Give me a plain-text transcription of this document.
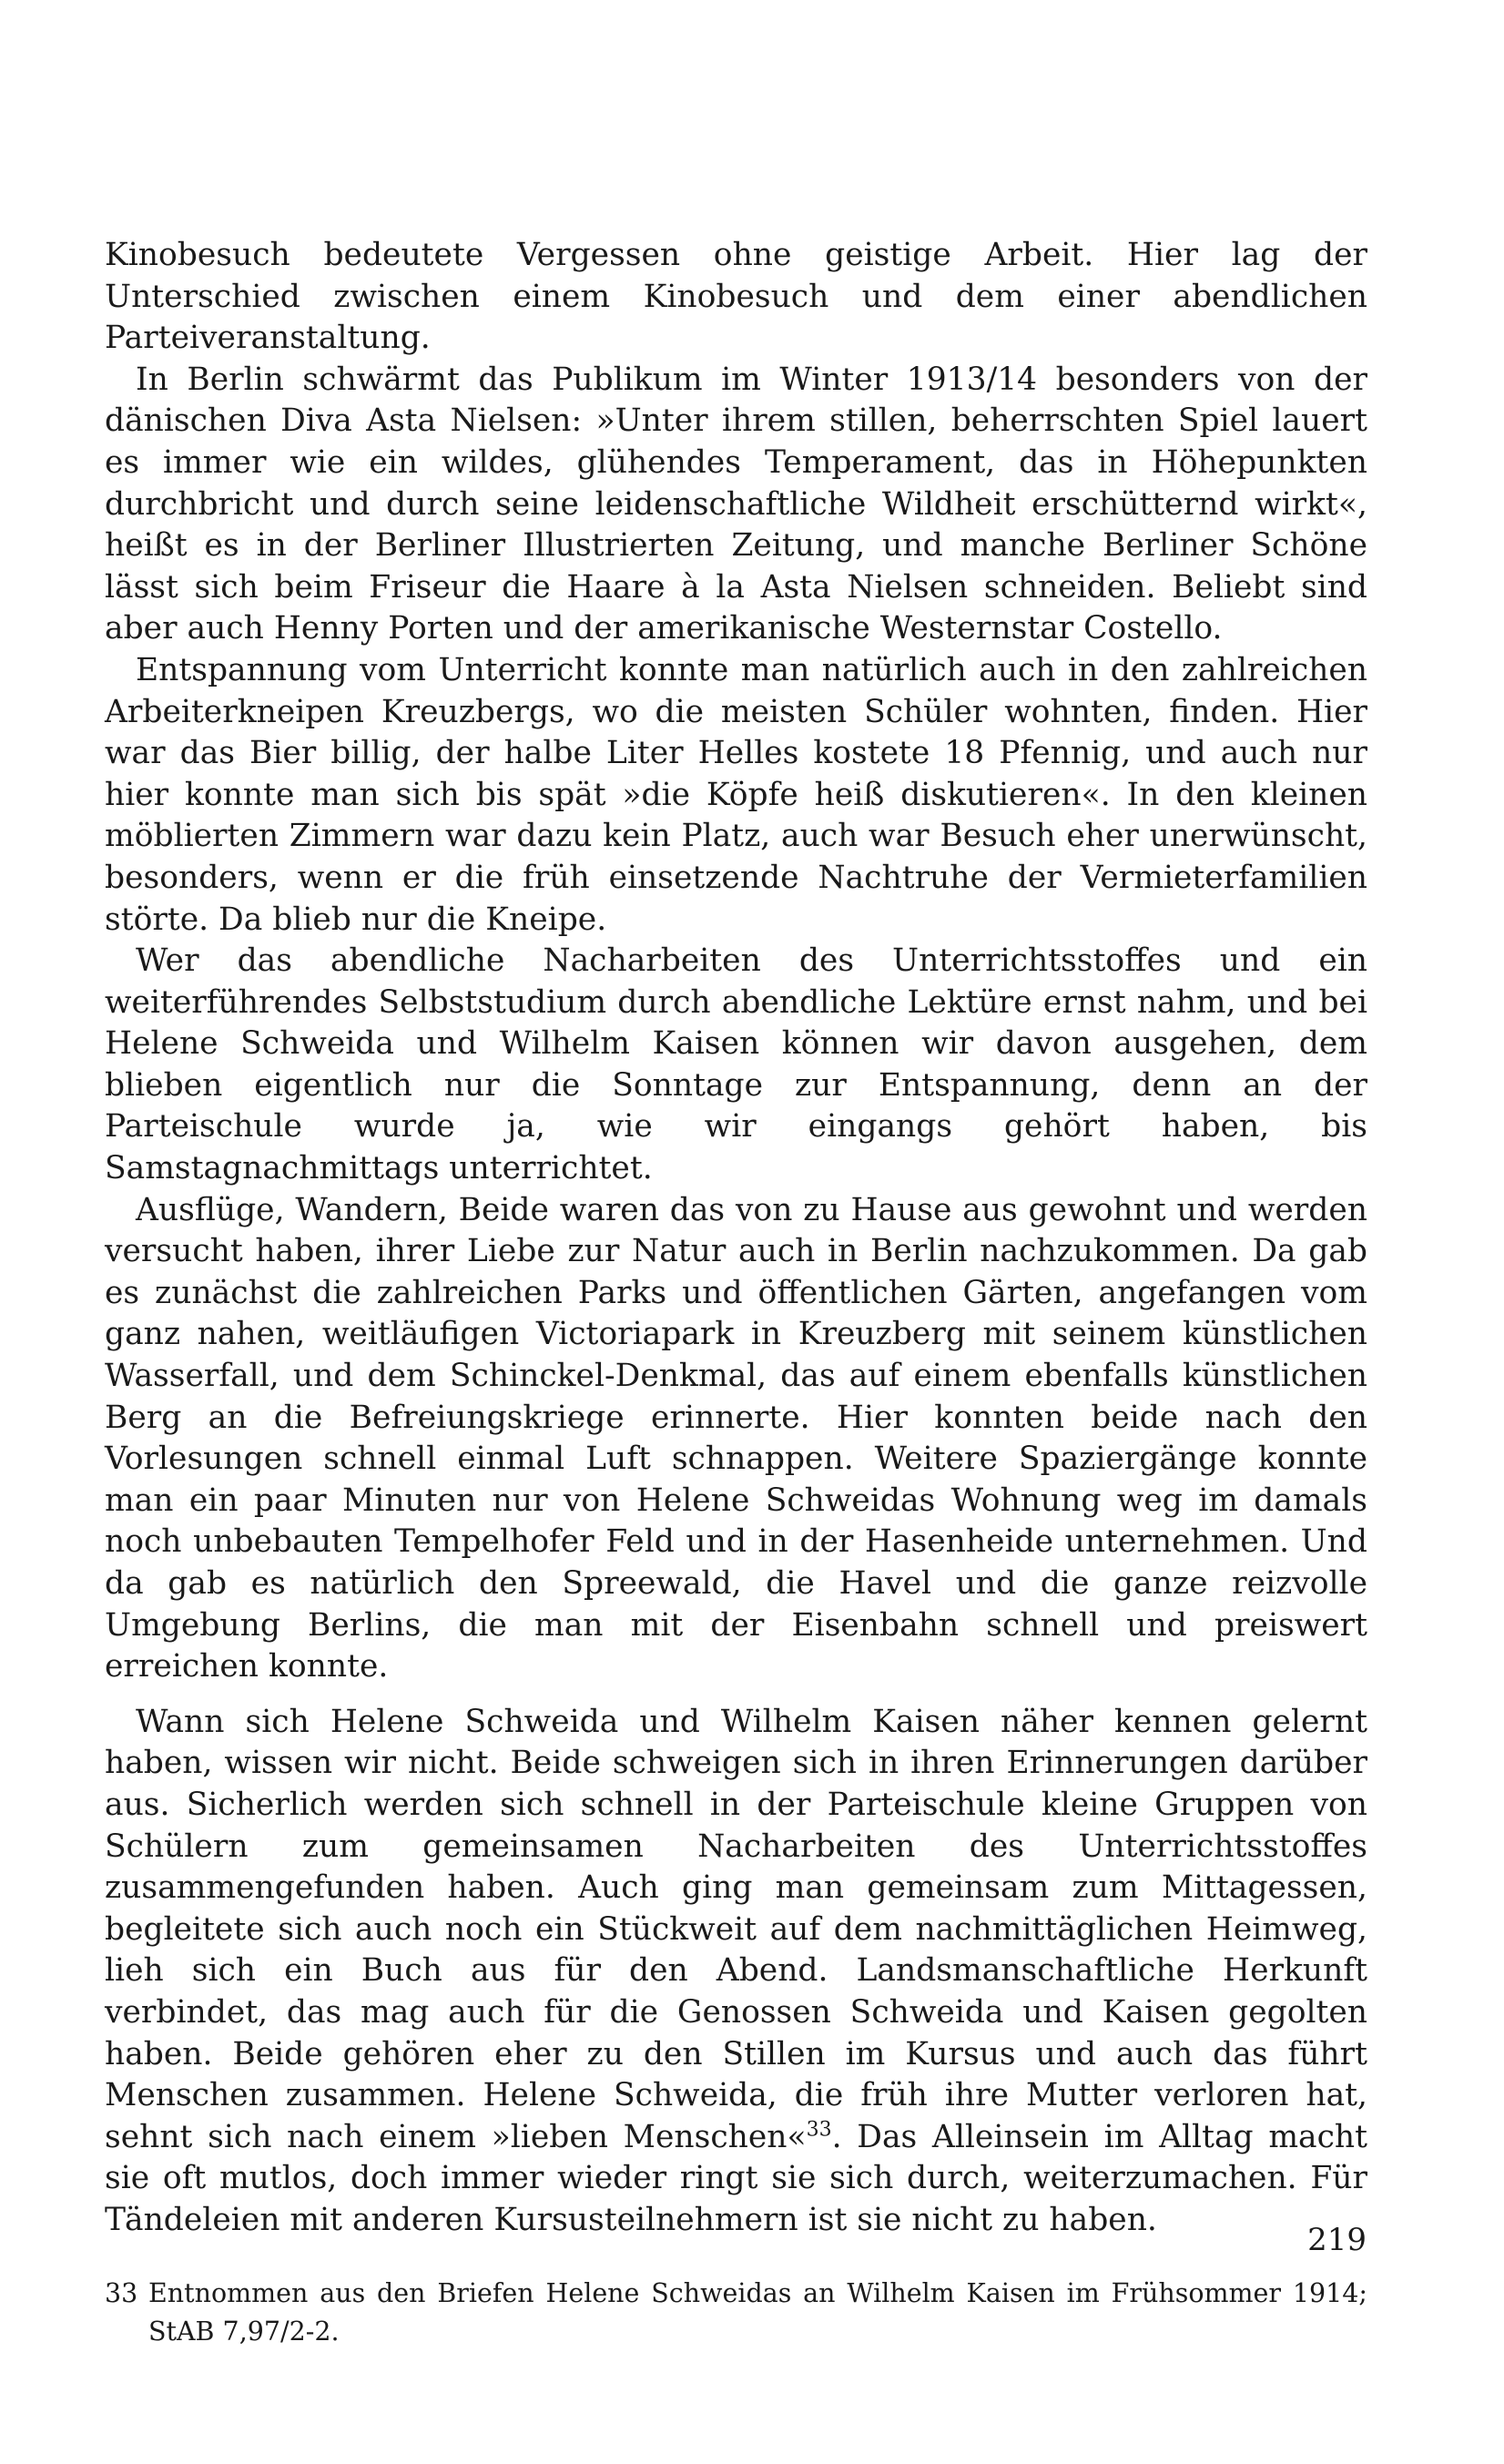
Kinobesuch bedeutete Vergessen ohne geistige Arbeit. Hier lag der Unterschied zwischen einem Kinobesuch und dem einer abendlichen Parteiveranstaltung.

In Berlin schwärmt das Publikum im Winter 1913/14 besonders von der dänischen Diva Asta Nielsen: »Unter ihrem stillen, beherrschten Spiel lauert es immer wie ein wildes, glühendes Temperament, das in Höhepunkten durchbricht und durch seine leidenschaftliche Wildheit erschütternd wirkt«, heißt es in der Berliner Illustrierten Zeitung, und manche Berliner Schöne lässt sich beim Friseur die Haare à la Asta Nielsen schneiden. Beliebt sind aber auch Henny Porten und der amerikanische Westernstar Costello.

Entspannung vom Unterricht konnte man natürlich auch in den zahlreichen Arbeiterkneipen Kreuzbergs, wo die meisten Schüler wohnten, finden. Hier war das Bier billig, der halbe Liter Helles kostete 18 Pfennig, und auch nur hier konnte man sich bis spät »die Köpfe heiß diskutieren«. In den kleinen möblierten Zimmern war dazu kein Platz, auch war Besuch eher unerwünscht, besonders, wenn er die früh einsetzende Nachtruhe der Vermieterfamilien störte. Da blieb nur die Kneipe.

Wer das abendliche Nacharbeiten des Unterrichtsstoffes und ein weiterführendes Selbststudium durch abendliche Lektüre ernst nahm, und bei Helene Schweida und Wilhelm Kaisen können wir davon ausgehen, dem blieben eigentlich nur die Sonntage zur Entspannung, denn an der Parteischule wurde ja, wie wir eingangs gehört haben, bis Samstagnachmittags unterrichtet.

Ausflüge, Wandern, Beide waren das von zu Hause aus gewohnt und werden versucht haben, ihrer Liebe zur Natur auch in Berlin nachzukommen. Da gab es zunächst die zahlreichen Parks und öffentlichen Gärten, angefangen vom ganz nahen, weitläufigen Victoriapark in Kreuzberg mit seinem künstlichen Wasserfall, und dem Schinckel-Denkmal, das auf einem ebenfalls künstlichen Berg an die Befreiungskriege erinnerte. Hier konnten beide nach den Vorlesungen schnell einmal Luft schnappen. Weitere Spaziergänge konnte man ein paar Minuten nur von Helene Schweidas Wohnung weg im damals noch unbebauten Tempelhofer Feld und in der Hasenheide unternehmen. Und da gab es natürlich den Spreewald, die Havel und die ganze reizvolle Umgebung Berlins, die man mit der Eisenbahn schnell und preiswert erreichen konnte.

Wann sich Helene Schweida und Wilhelm Kaisen näher kennen gelernt haben, wissen wir nicht. Beide schweigen sich in ihren Erinnerungen darüber aus. Sicherlich werden sich schnell in der Parteischule kleine Gruppen von Schülern zum gemeinsamen Nacharbeiten des Unterrichtsstoffes zusammengefunden haben. Auch ging man gemeinsam zum Mittagessen, begleitete sich auch noch ein Stückweit auf dem nachmittäglichen Heimweg, lieh sich ein Buch aus für den Abend. Landsmanschaftliche Herkunft verbindet, das mag auch für die Genossen Schweida und Kaisen gegolten haben. Beide gehören eher zu den Stillen im Kursus und auch das führt Menschen zusammen. Helene Schweida, die früh ihre Mutter verloren hat, sehnt sich nach einem »lieben Menschen«$^{33}$. Das Alleinsein im Alltag macht sie oft mutlos, doch immer wieder ringt sie sich durch, weiterzumachen. Für Tändeleien mit anderen Kursusteilnehmern ist sie nicht zu haben.

33 Entnommen aus den Briefen Helene Schweidas an Wilhelm Kaisen im Frühsommer 1914; StAB 7,97/2-2.
219
